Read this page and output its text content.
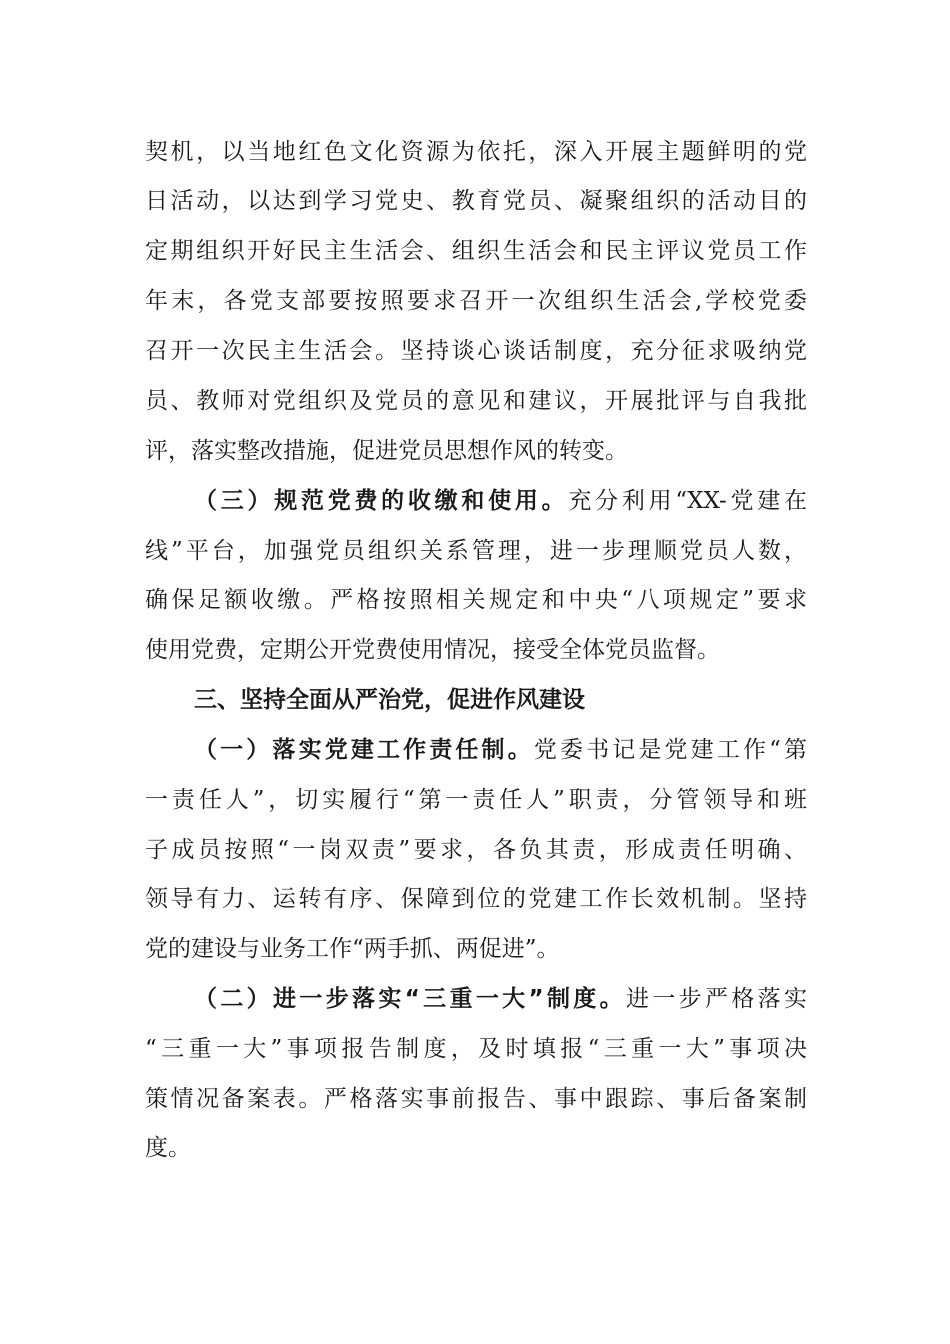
契机，以当地红色文化资源为依托，深入开展主题鲜明的党
日活动，以达到学习党史、教育党员、凝聚组织的活动目的
定期组织开好民主生活会、组织生活会和民主评议党员工作
年末，各党支部要按照要求召开一次组织生活会,学校党委
召开一次民主生活会。坚持谈心谈话制度，充分征求吸纳党
员、教师对党组织及党员的意见和建议，开展批评与自我批
评，落实整改措施，促进党员思想作风的转变。
（三）规范党费的收缴和使用。充分利用“XX-党建在
线”平台，加强党员组织关系管理，进一步理顺党员人数，
确保足额收缴。严格按照相关规定和中央“八项规定”要求
使用党费，定期公开党费使用情况，接受全体党员监督。
三、坚持全面从严治党，促进作风建设
（一）落实党建工作责任制。党委书记是党建工作“第
一责任人”，切实履行“第一责任人”职责，分管领导和班
子成员按照“一岗双责”要求，各负其责，形成责任明确、
领导有力、运转有序、保障到位的党建工作长效机制。坚持
党的建设与业务工作“两手抓、两促进”。
（二）进一步落实“三重一大”制度。进一步严格落实
“三重一大”事项报告制度，及时填报“三重一大”事项决
策情况备案表。严格落实事前报告、事中跟踪、事后备案制
度。
